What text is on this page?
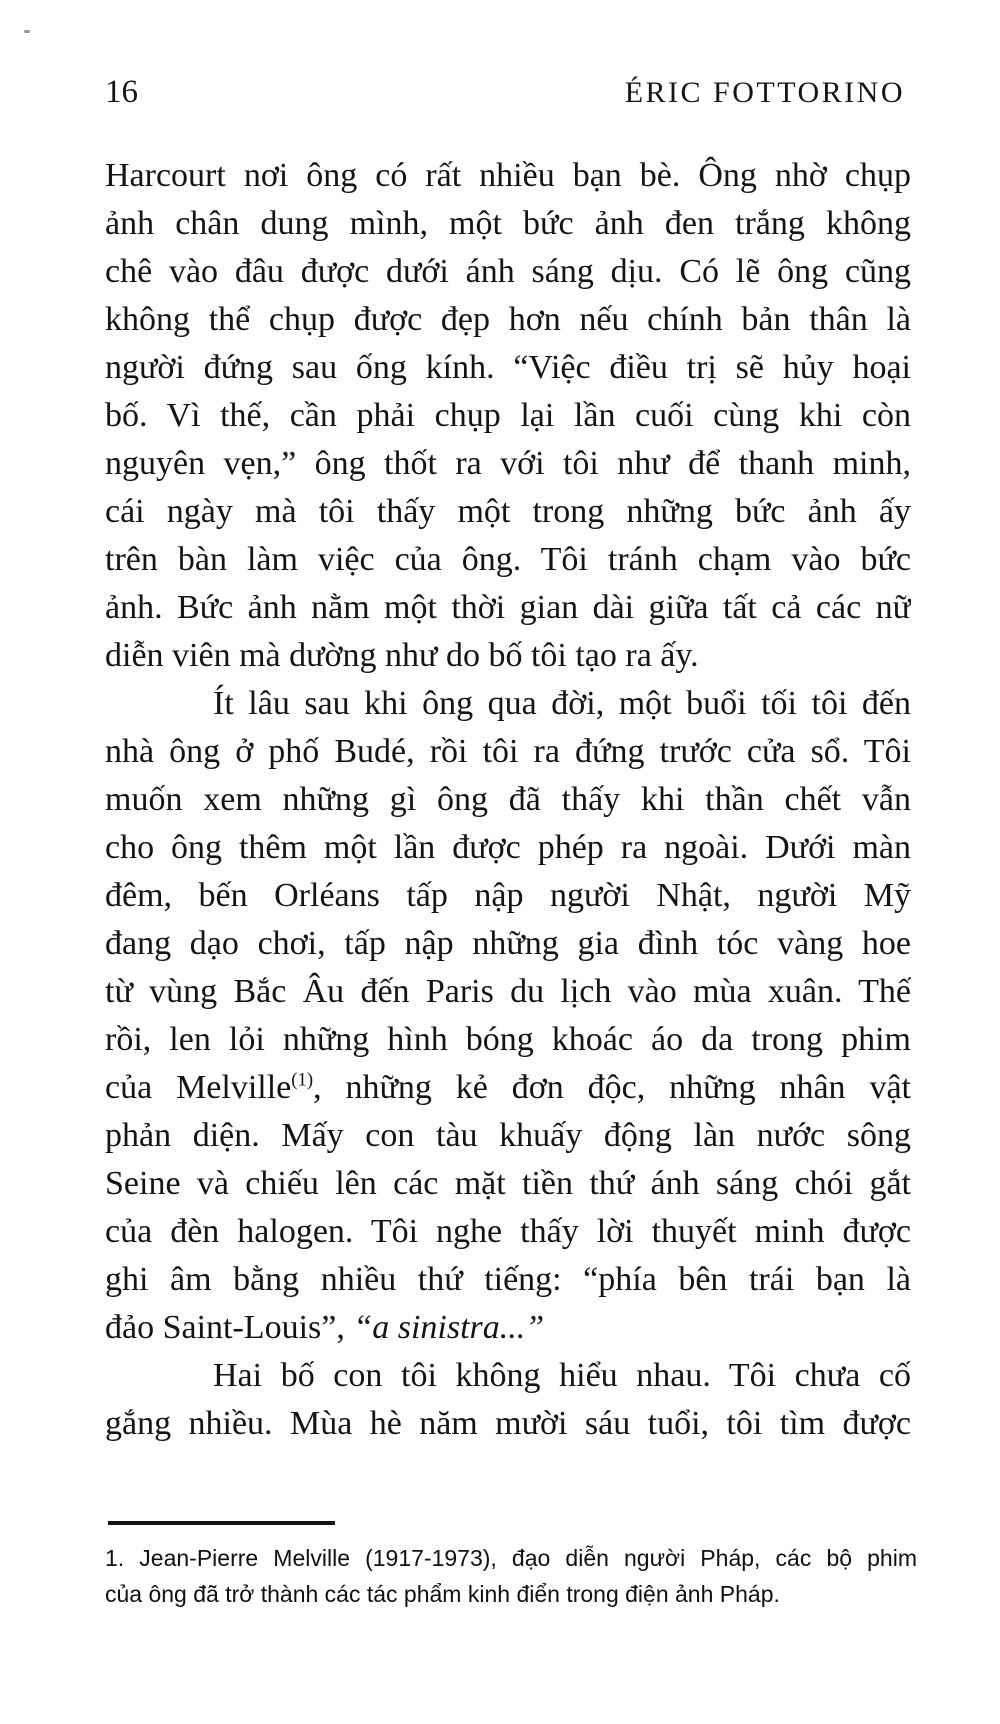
16	ÉRIC FOTTORINO
Harcourt nơi ông có rất nhiều bạn bè. Ông nhờ chụp
ảnh chân dung mình, một bức ảnh đen trắng không
chê vào đâu được dưới ánh sáng dịu. Có lẽ ông cũng
không thể chụp được đẹp hơn nếu chính bản thân là
người đứng sau ống kính. “Việc điều trị sẽ hủy hoại
bố. Vì thế, cần phải chụp lại lần cuối cùng khi còn
nguyên vẹn,” ông thốt ra với tôi như để thanh minh,
cái ngày mà tôi thấy một trong những bức ảnh ấy
trên bàn làm việc của ông. Tôi tránh chạm vào bức
ảnh. Bức ảnh nằm một thời gian dài giữa tất cả các nữ
diễn viên mà dường như do bố tôi tạo ra ấy.
Ít lâu sau khi ông qua đời, một buổi tối tôi đến
nhà ông ở phố Budé, rồi tôi ra đứng trước cửa sổ. Tôi
muốn xem những gì ông đã thấy khi thần chết vẫn
cho ông thêm một lần được phép ra ngoài. Dưới màn
đêm, bến Orléans tấp nập người Nhật, người Mỹ
đang dạo chơi, tấp nập những gia đình tóc vàng hoe
từ vùng Bắc Âu đến Paris du lịch vào mùa xuân. Thế
rồi, len lỏi những hình bóng khoác áo da trong phim
của Melville$^{(1)}$, những kẻ đơn độc, những nhân vật
phản diện. Mấy con tàu khuấy động làn nước sông
Seine và chiếu lên các mặt tiền thứ ánh sáng chói gắt
của đèn halogen. Tôi nghe thấy lời thuyết minh được
ghi âm bằng nhiều thứ tiếng: “phía bên trái bạn là
đảo Saint-Louis”, “a sinistra...”
Hai bố con tôi không hiểu nhau. Tôi chưa cố
gắng nhiều. Mùa hè năm mười sáu tuổi, tôi tìm được
1. Jean-Pierre Melville (1917-1973), đạo diễn người Pháp, các bộ phim
của ông đã trở thành các tác phẩm kinh điển trong điện ảnh Pháp.
